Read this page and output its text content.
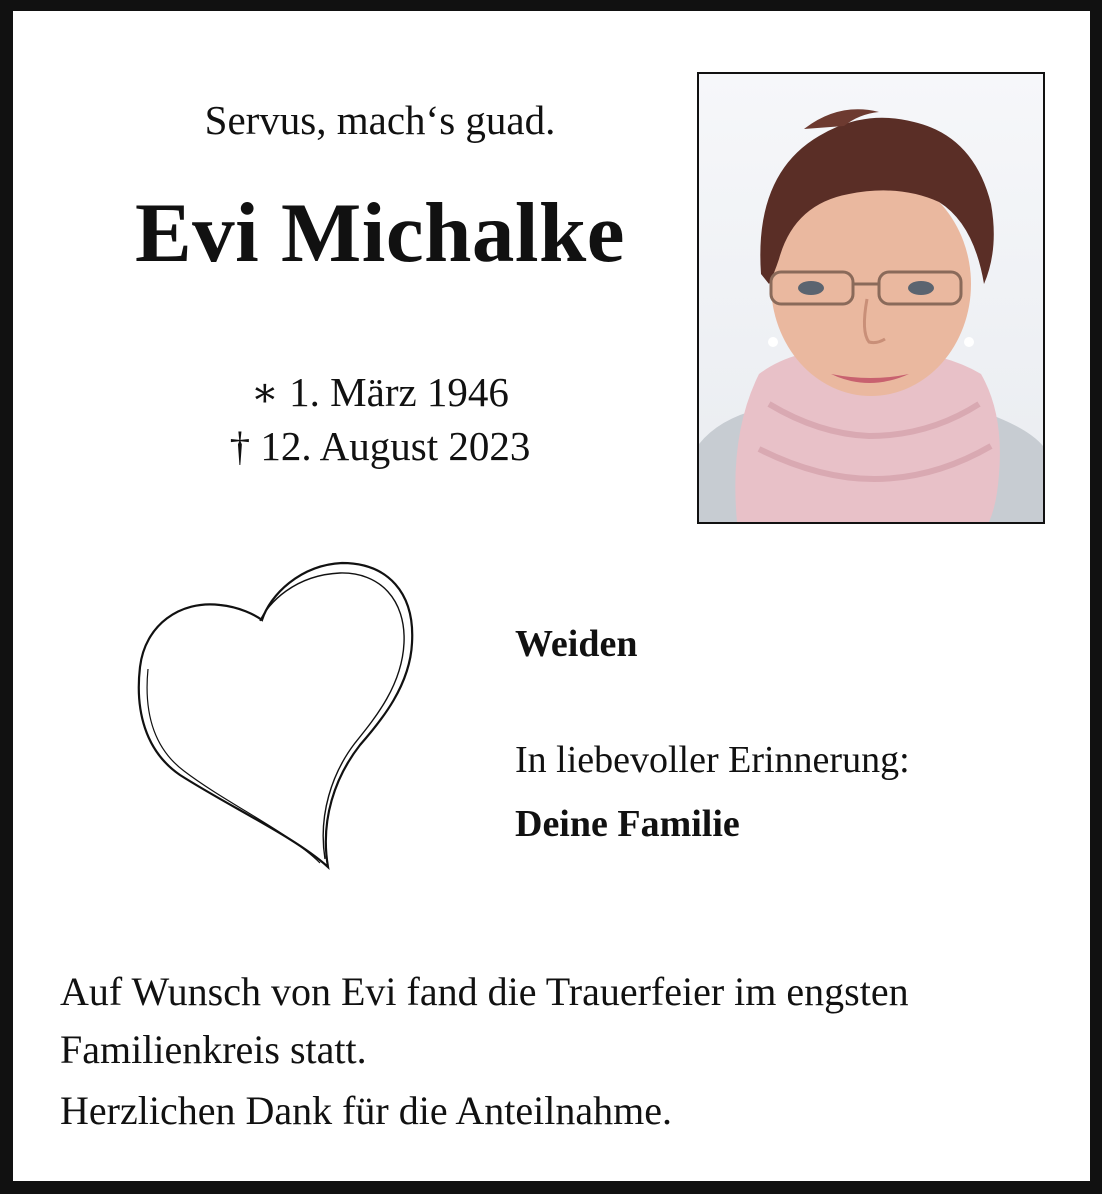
Servus, mach‘s guad.
Evi Michalke
∗ 1. März 1946
† 12. August 2023
Weiden
In liebevoller Erinnerung:
Deine Familie
Auf Wunsch von Evi fand die Trauerfeier im engsten Familienkreis statt.
Herzlichen Dank für die Anteilnahme.
